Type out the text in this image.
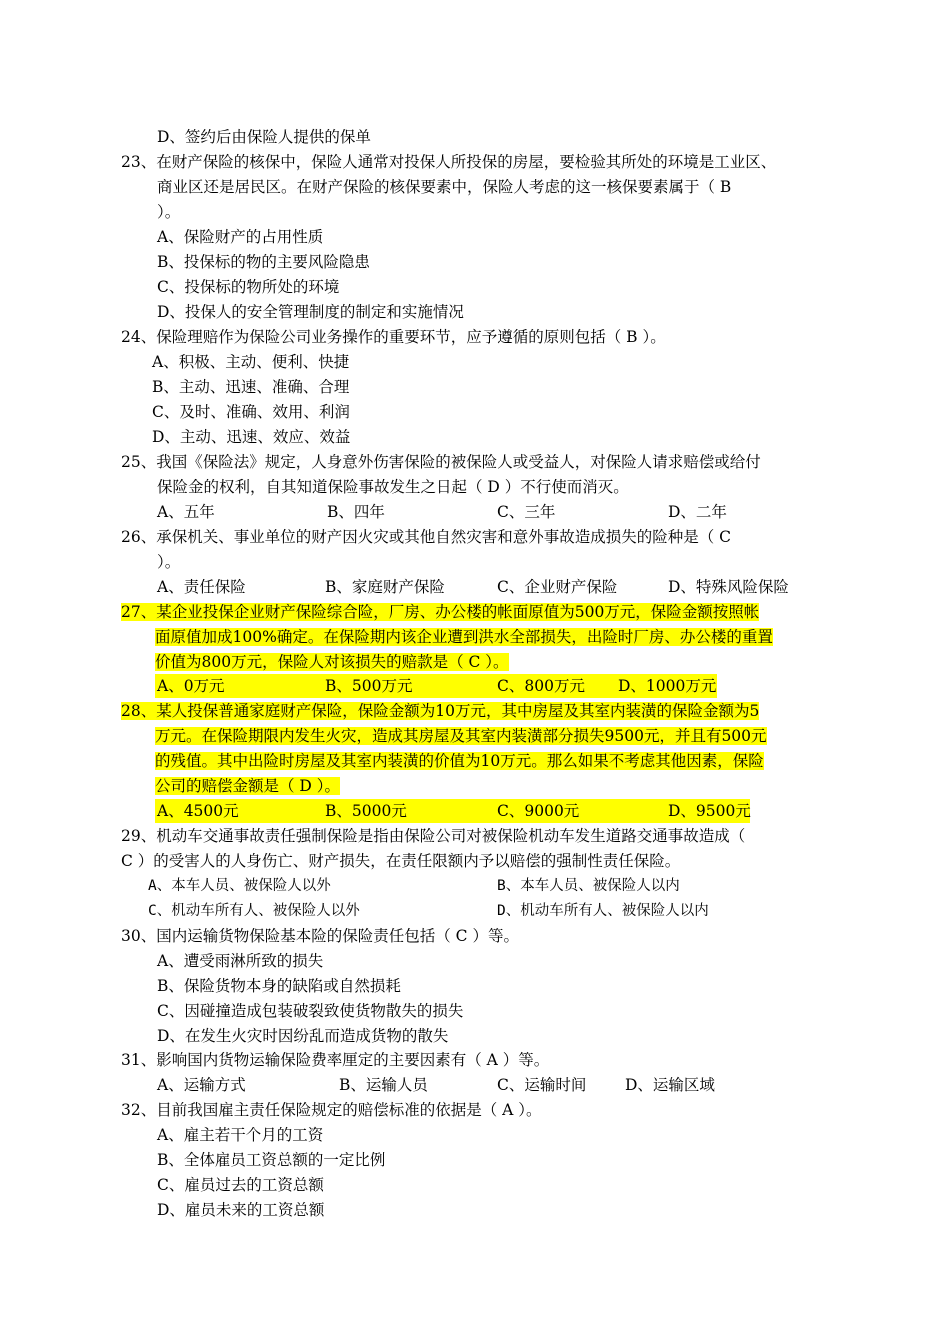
D、签约后由保险人提供的保单
23、在财产保险的核保中，保险人通常对投保人所投保的房屋，要检验其所处的环境是工业区、
商业区还是居民区。在财产保险的核保要素中，保险人考虑的这一核保要素属于（ B
）。
A、保险财产的占用性质
B、投保标的物的主要风险隐患
C、投保标的物所处的环境
D、投保人的安全管理制度的制定和实施情况
24、保险理赔作为保险公司业务操作的重要环节，应予遵循的原则包括（ B ）。
A、积极、主动、便利、快捷
B、主动、迅速、准确、合理
C、及时、准确、效用、利润
D、主动、迅速、效应、效益
25、我国《保险法》规定，人身意外伤害保险的被保险人或受益人，对保险人请求赔偿或给付
保险金的权利，自其知道保险事故发生之日起（ D ）不行使而消灭。
A、五年	B、四年	C、三年	D、二年
26、承保机关、事业单位的财产因火灾或其他自然灾害和意外事故造成损失的险种是（ C
）。
A、责任保险	B、家庭财产保险	C、企业财产保险	D、特殊风险保险
27、某企业投保企业财产保险综合险，厂房、办公楼的帐面原值为500万元，保险金额按照帐
面原值加成100%确定。在保险期内该企业遭到洪水全部损失，出险时厂房、办公楼的重置
价值为800万元，保险人对该损失的赔款是（ C ）。
A、0万元	B、500万元	C、800万元 D、1000万元
28、某人投保普通家庭财产保险，保险金额为10万元，其中房屋及其室内装潢的保险金额为5
万元。在保险期限内发生火灾，造成其房屋及其室内装潢部分损失9500元，并且有500元
的残值。其中出险时房屋及其室内装潢的价值为10万元。那么如果不考虑其他因素，保险
公司的赔偿金额是（ D ）。
A、4500元	B、5000元	C、9000元	D、9500元
29、机动车交通事故责任强制保险是指由保险公司对被保险机动车发生道路交通事故造成（
C ）的受害人的人身伤亡、财产损失，在责任限额内予以赔偿的强制性责任保险。
A、本车人员、被保险人以外	B、本车人员、被保险人以内
C、机动车所有人、被保险人以外	D、机动车所有人、被保险人以内
30、国内运输货物保险基本险的保险责任包括（ C ）等。
A、遭受雨淋所致的损失
B、保险货物本身的缺陷或自然损耗
C、因碰撞造成包装破裂致使货物散失的损失
D、在发生火灾时因纷乱而造成货物的散失
31、影响国内货物运输保险费率厘定的主要因素有（ A ）等。
A、运输方式	B、运输人员	C、运输时间 D、运输区域
32、目前我国雇主责任保险规定的赔偿标准的依据是（ A ）。
A、雇主若干个月的工资
B、全体雇员工资总额的一定比例
C、雇员过去的工资总额
D、雇员未来的工资总额
